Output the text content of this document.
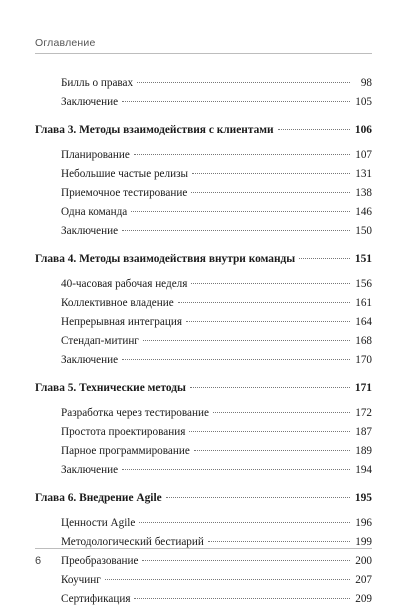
Оглавление
Билль о правах	98
Заключение	105
Глава 3. Методы взаимодействия с клиентами	106
Планирование	107
Небольшие частые релизы	131
Приемочное тестирование	138
Одна команда	146
Заключение	150
Глава 4. Методы взаимодействия внутри команды	151
40-часовая рабочая неделя	156
Коллективное владение	161
Непрерывная интеграция	164
Стендап-митинг	168
Заключение	170
Глава 5. Технические методы	171
Разработка через тестирование	172
Простота проектирования	187
Парное программирование	189
Заключение	194
Глава 6. Внедрение Agile	195
Ценности Agile	196
Методологический бестиарий	199
Преобразование	200
Коучинг	207
Сертификация	209
6
